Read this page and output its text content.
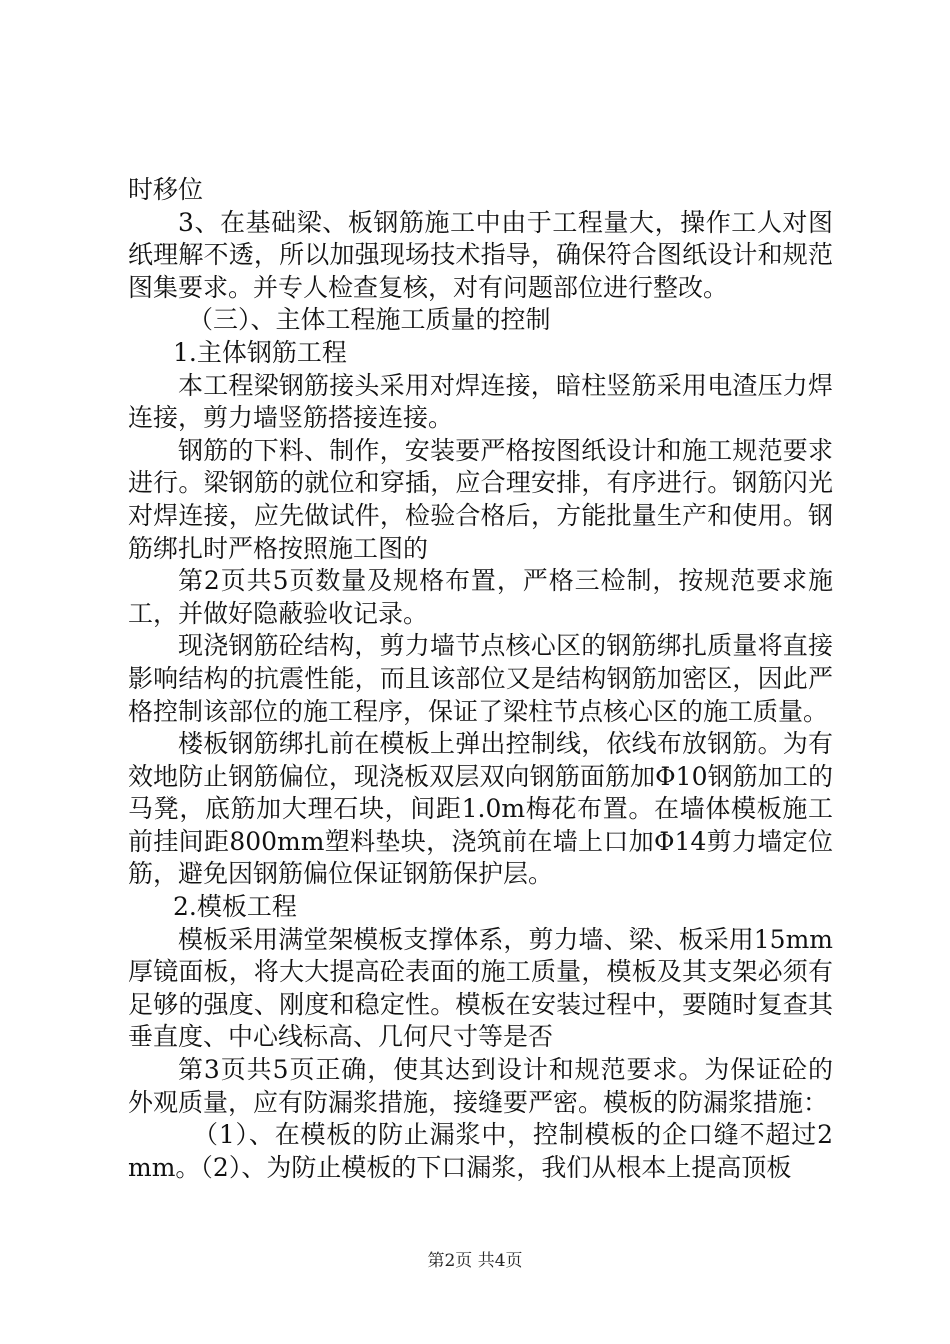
时移位

3、在基础梁、板钢筋施工中由于工程量大，操作工人对图纸理解不透，所以加强现场技术指导，确保符合图纸设计和规范图集要求。并专人检查复核，对有问题部位进行整改。

（三）、主体工程施工质量的控制

1.主体钢筋工程

本工程梁钢筋接头采用对焊连接，暗柱竖筋采用电渣压力焊连接，剪力墙竖筋搭接连接。

钢筋的下料、制作，安装要严格按图纸设计和施工规范要求进行。梁钢筋的就位和穿插，应合理安排，有序进行。钢筋闪光对焊连接，应先做试件，检验合格后，方能批量生产和使用。钢筋绑扎时严格按照施工图的

第2页共5页数量及规格布置，严格三检制，按规范要求施工，并做好隐蔽验收记录。

现浇钢筋砼结构，剪力墙节点核心区的钢筋绑扎质量将直接影响结构的抗震性能，而且该部位又是结构钢筋加密区，因此严格控制该部位的施工程序，保证了梁柱节点核心区的施工质量。

楼板钢筋绑扎前在模板上弹出控制线，依线布放钢筋。为有效地防止钢筋偏位，现浇板双层双向钢筋面筋加Φ10钢筋加工的马凳，底筋加大理石块，间距1.0m梅花布置。在墙体模板施工前挂间距800mm塑料垫块，浇筑前在墙上口加Φ14剪力墙定位筋，避免因钢筋偏位保证钢筋保护层。

2.模板工程

模板采用满堂架模板支撑体系，剪力墙、梁、板采用15mm厚镜面板，将大大提高砼表面的施工质量，模板及其支架必须有足够的强度、刚度和稳定性。模板在安装过程中，要随时复查其垂直度、中心线标高、几何尺寸等是否

第3页共5页正确，使其达到设计和规范要求。为保证砼的外观质量，应有防漏浆措施，接缝要严密。模板的防漏浆措施：

（1）、在模板的防止漏浆中，控制模板的企口缝不超过2mm。（2）、为防止模板的下口漏浆，我们从根本上提高顶板

第2页 共4页
